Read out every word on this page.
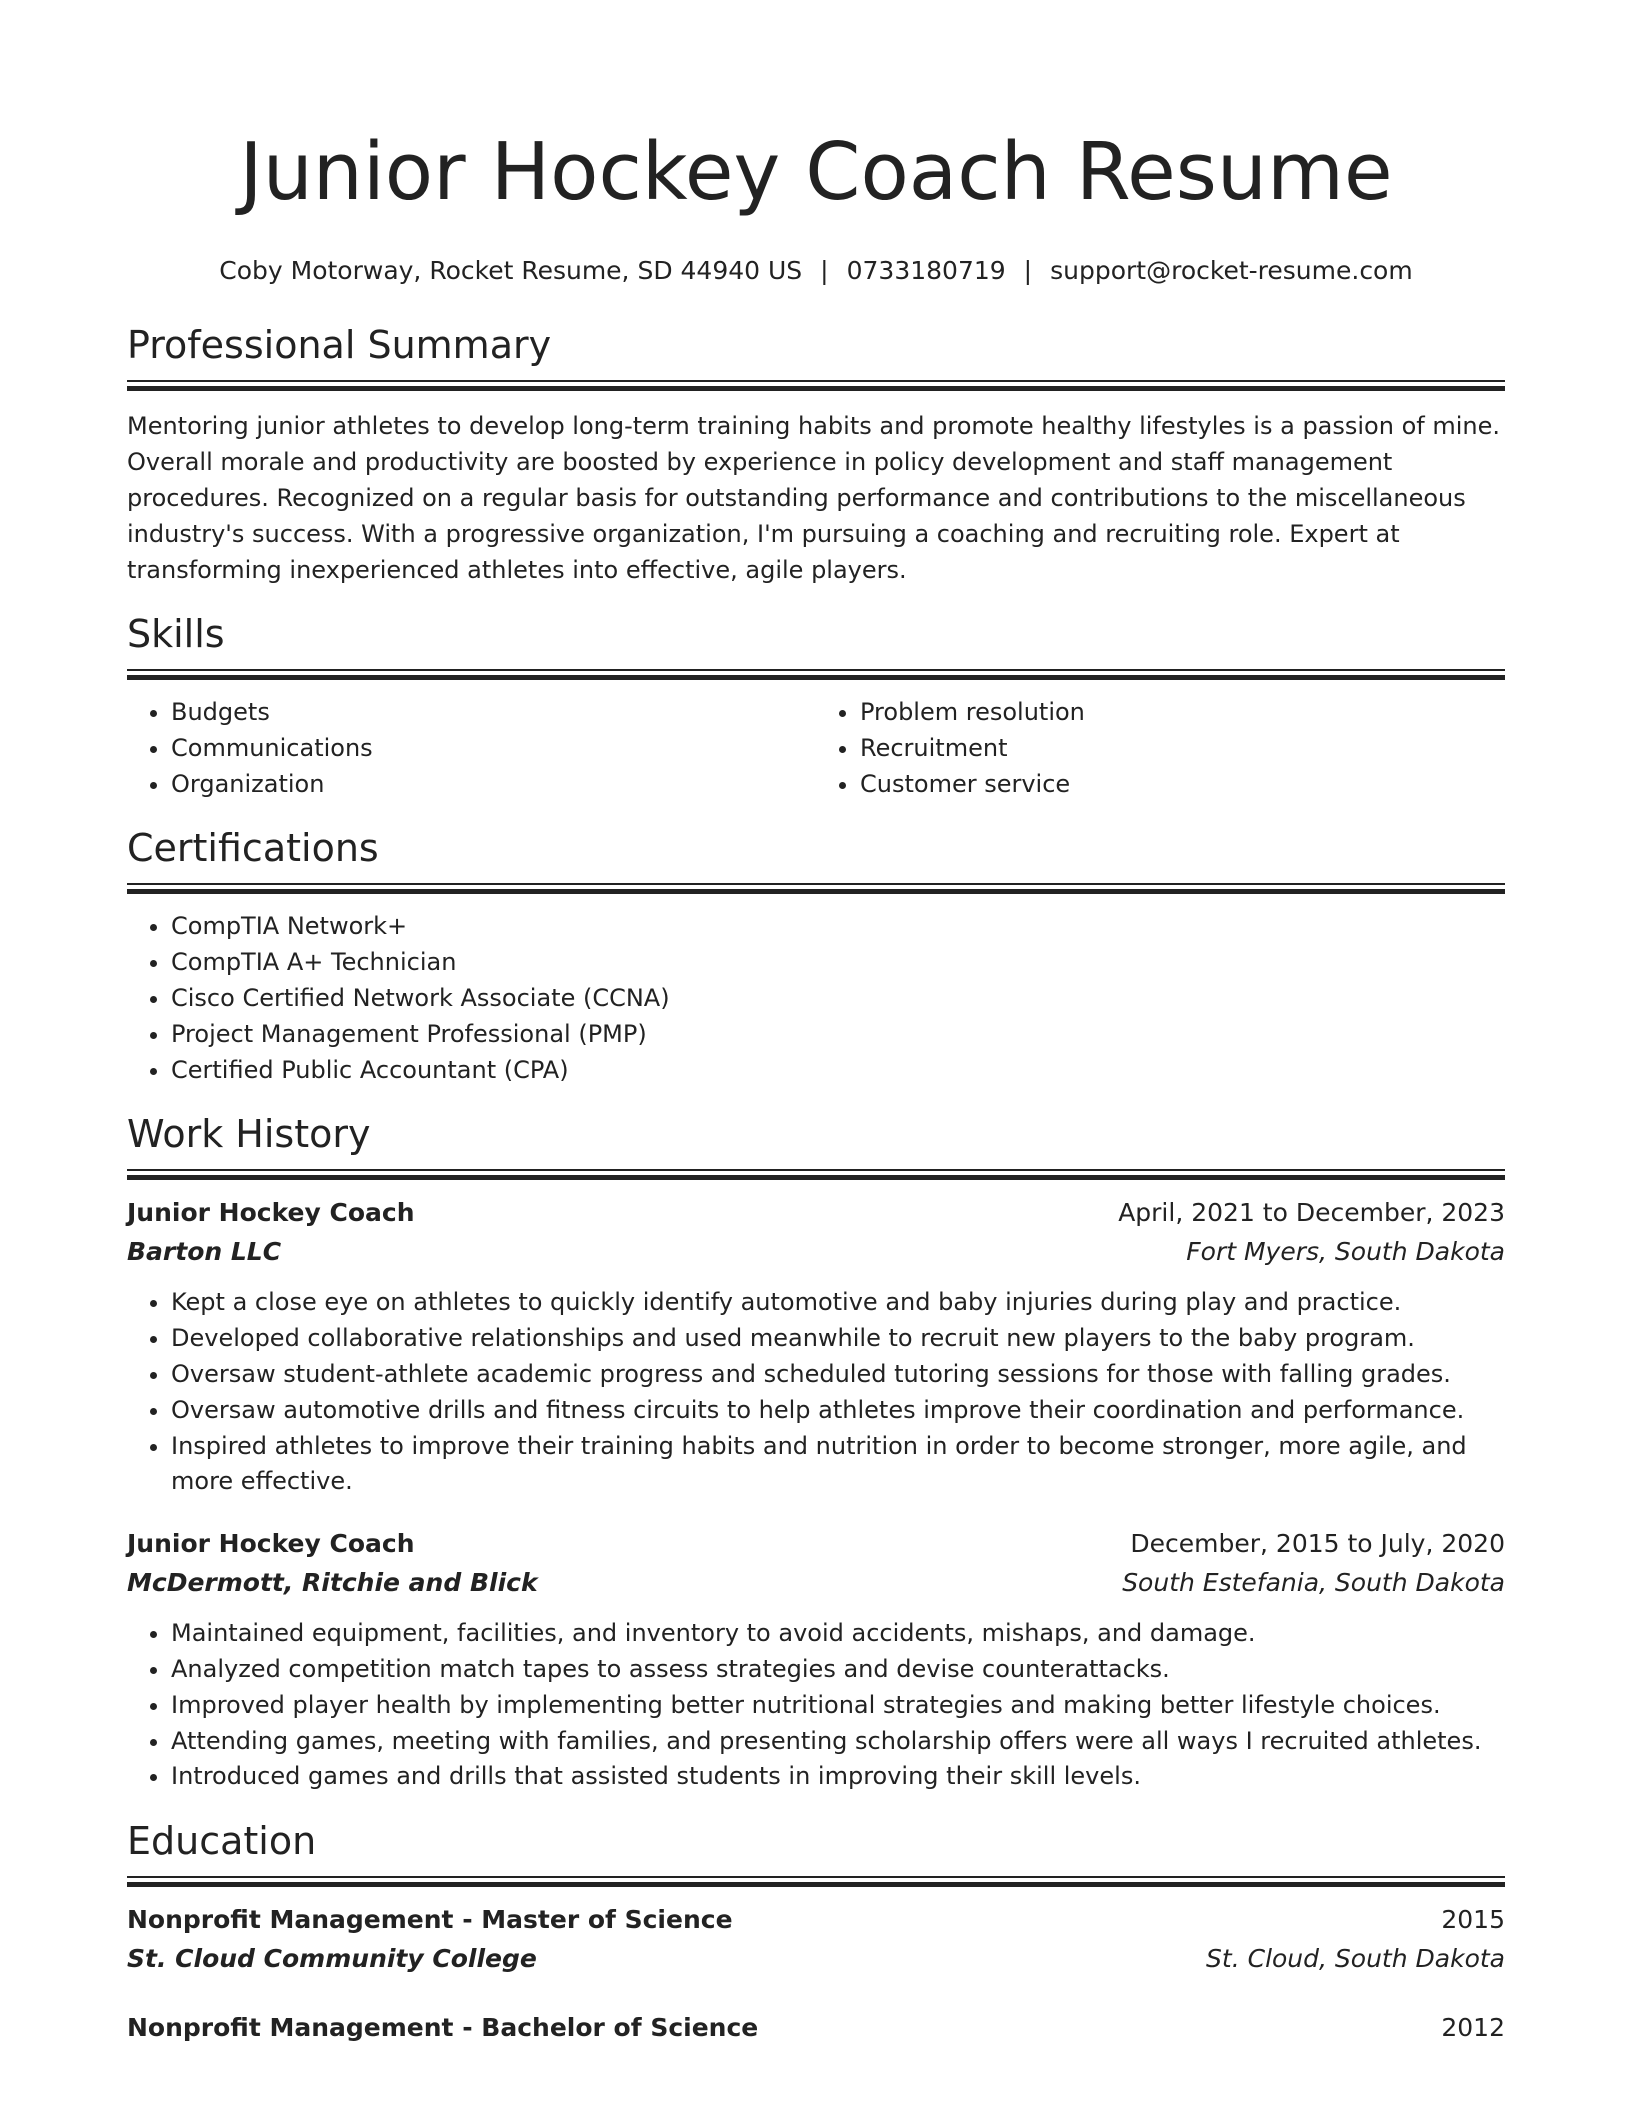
Junior Hockey Coach Resume
Coby Motorway, Rocket Resume, SD 44940 US | 0733180719 | support@rocket-resume.com
Professional Summary

Mentoring junior athletes to develop long-term training habits and promote healthy lifestyles is a passion of mine. Overall morale and productivity are boosted by experience in policy development and staff management procedures. Recognized on a regular basis for outstanding performance and contributions to the miscellaneous industry's success. With a progressive organization, I'm pursuing a coaching and recruiting role. Expert at transforming inexperienced athletes into effective, agile players.

Skills
• Budgets
• Communications
• Organization
• Problem resolution
• Recruitment
• Customer service
Certifications
• CompTIA Network+
• CompTIA A+ Technician
• Cisco Certified Network Associate (CCNA)
• Project Management Professional (PMP)
• Certified Public Accountant (CPA)
Work History
Junior Hockey Coach	April, 2021 to December, 2023
Barton LLC	Fort Myers, South Dakota
• Kept a close eye on athletes to quickly identify automotive and baby injuries during play and practice.
• Developed collaborative relationships and used meanwhile to recruit new players to the baby program.
• Oversaw student-athlete academic progress and scheduled tutoring sessions for those with falling grades.
• Oversaw automotive drills and fitness circuits to help athletes improve their coordination and performance.
• Inspired athletes to improve their training habits and nutrition in order to become stronger, more agile, and more effective.
Junior Hockey Coach	December, 2015 to July, 2020
McDermott, Ritchie and Blick	South Estefania, South Dakota
• Maintained equipment, facilities, and inventory to avoid accidents, mishaps, and damage.
• Analyzed competition match tapes to assess strategies and devise counterattacks.
• Improved player health by implementing better nutritional strategies and making better lifestyle choices.
• Attending games, meeting with families, and presenting scholarship offers were all ways I recruited athletes.
• Introduced games and drills that assisted students in improving their skill levels.
Education
Nonprofit Management - Master of Science	2015
St. Cloud Community College	St. Cloud, South Dakota
Nonprofit Management - Bachelor of Science	2012
